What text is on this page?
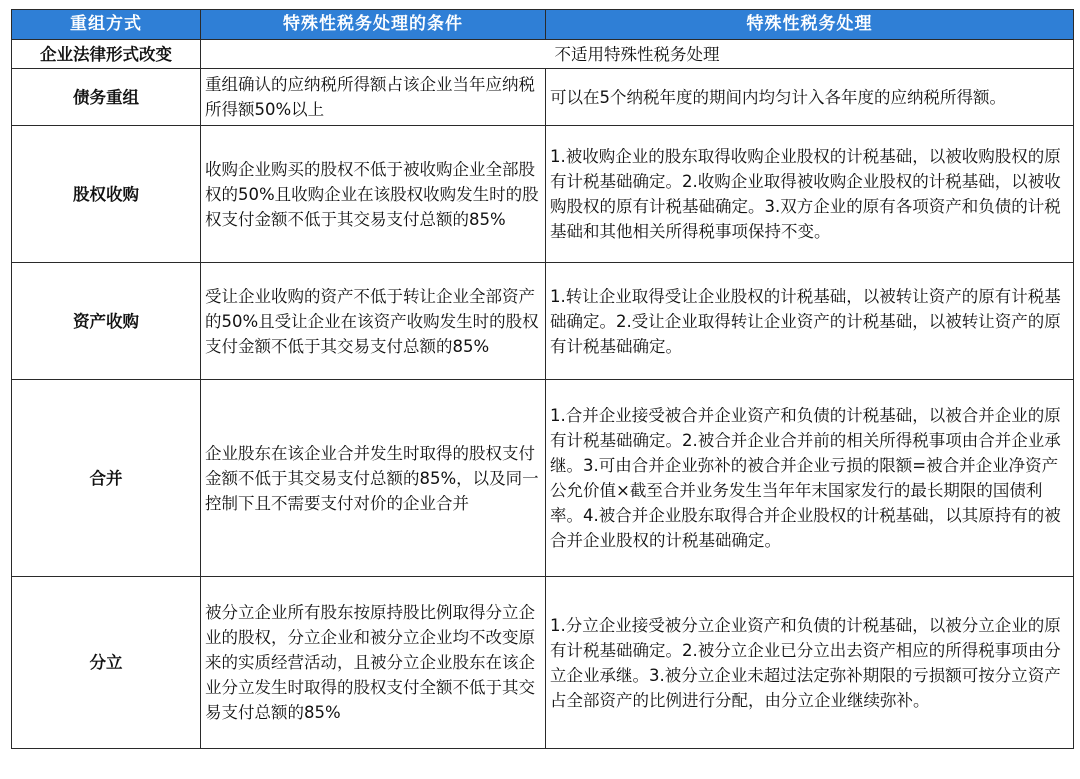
重组方式	特殊性税务处理的条件	特殊性税务处理
企业法律形式改变	不适用特殊性税务处理	
债务重组	重组确认的应纳税所得额占该企业当年应纳税所得额50%以上	可以在5个纳税年度的期间内均匀计入各年度的应纳税所得额。
股权收购	收购企业购买的股权不低于被收购企业全部股权的50%且收购企业在该股权收购发生时的股权支付金额不低于其交易支付总额的85%	1.被收购企业的股东取得收购企业股权的计税基础，以被收购股权的原有计税基础确定。2.收购企业取得被收购企业股权的计税基础，以被收购股权的原有计税基础确定。3.双方企业的原有各项资产和负债的计税基础和其他相关所得税事项保持不变。
资产收购	受让企业收购的资产不低于转让企业全部资产的50%且受让企业在该资产收购发生时的股权支付金额不低于其交易支付总额的85%	1.转让企业取得受让企业股权的计税基础，以被转让资产的原有计税基础确定。2.受让企业取得转让企业资产的计税基础，以被转让资产的原有计税基础确定。
合并	企业股东在该企业合并发生时取得的股权支付金额不低于其交易支付总额的85%，以及同一控制下且不需要支付对价的企业合并	1.合并企业接受被合并企业资产和负债的计税基础，以被合并企业的原有计税基础确定。2.被合并企业合并前的相关所得税事项由合并企业承继。3.可由合并企业弥补的被合并企业亏损的限额=被合并企业净资产公允价值×截至合并业务发生当年年末国家发行的最长期限的国债利率。4.被合并企业股东取得合并企业股权的计税基础，以其原持有的被合并企业股权的计税基础确定。
分立	被分立企业所有股东按原持股比例取得分立企业的股权，分立企业和被分立企业均不改变原来的实质经营活动，且被分立企业股东在该企业分立发生时取得的股权支付全额不低于其交易支付总额的85%	1.分立企业接受被分立企业资产和负债的计税基础，以被分立企业的原有计税基础确定。2.被分立企业已分立出去资产相应的所得税事项由分立企业承继。3.被分立企业未超过法定弥补期限的亏损额可按分立资产占全部资产的比例进行分配，由分立企业继续弥补。
